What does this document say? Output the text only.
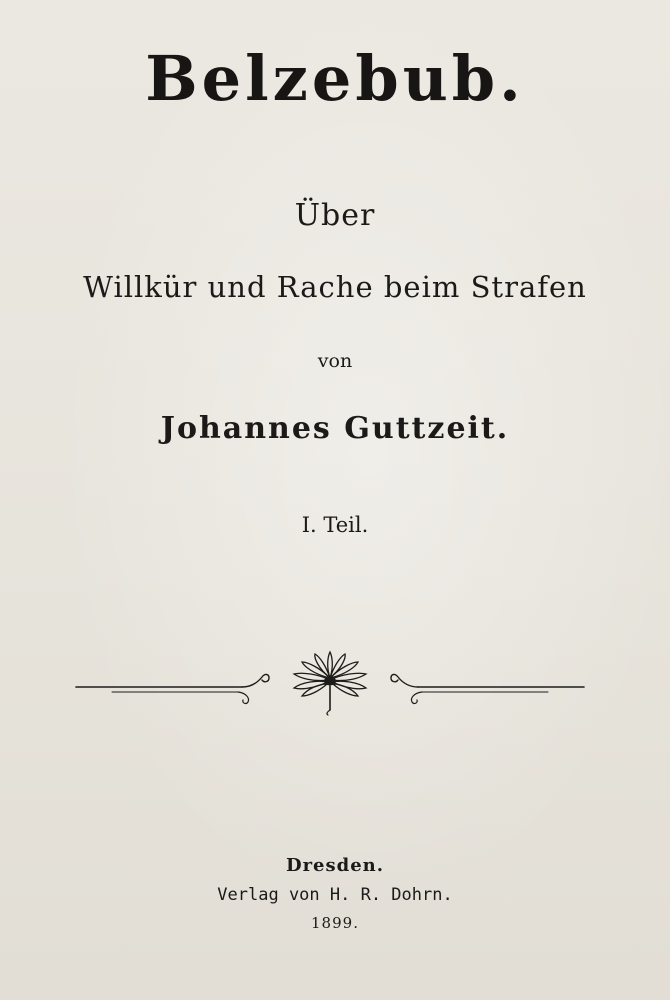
Belzebub.
Über
Willkür und Rache beim Strafen
von
Johannes Guttzeit.
I. Teil.
Dresden.
Verlag von H. R. Dohrn.
1899.
